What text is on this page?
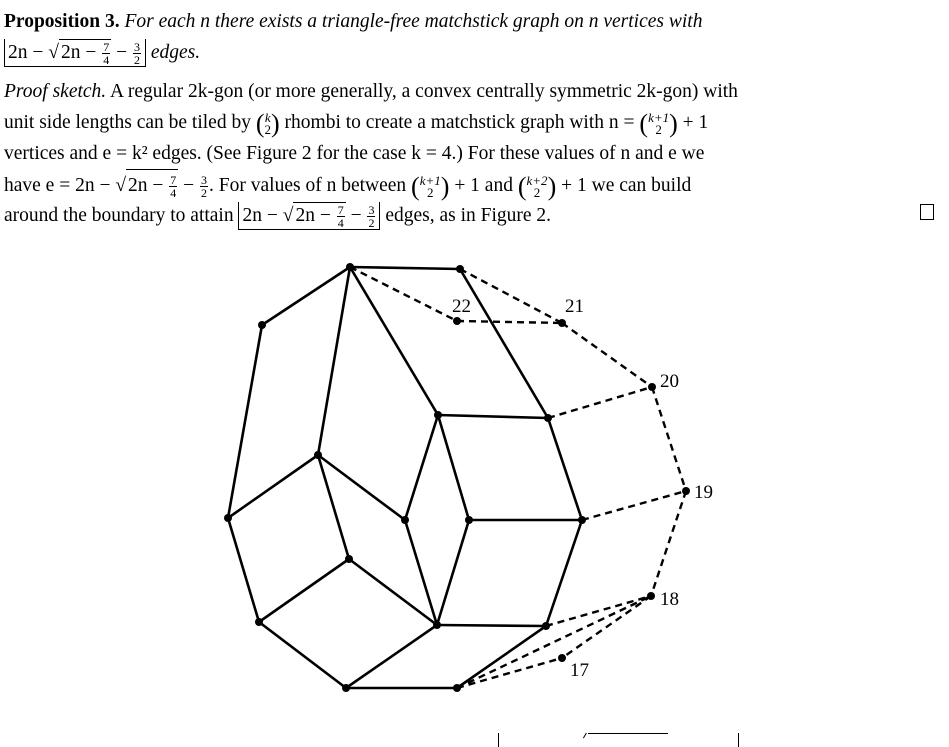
Proposition 3. For each n there exists a triangle-free matchstick graph on n vertices with
2n − √ $2n - \frac{7}{4} - \frac{3}{2}$ edges.
Proof sketch. A regular 2k-gon (or more generally, a convex centrally symmetric 2k-gon) with
unit side lengths can be tiled by ( k
2 ) rhombi to create a matchstick graph with n = ( k+1
2 ) + 1
vertices and e = k² edges. (See Figure 2 for the case k = 4.) For these values of n and e we
have e = 2n − √ $2n - \frac{7}{4} - \frac{3}{2}$ . For values of n between ( k+1
2 ) + 1 and ( k+2
2 ) + 1 we can build
around the boundary to attain 2n − √ $2n - \frac{7}{4} - \frac{3}{2}$ edges, as in Figure 2.
22	21
20
19
18
17
